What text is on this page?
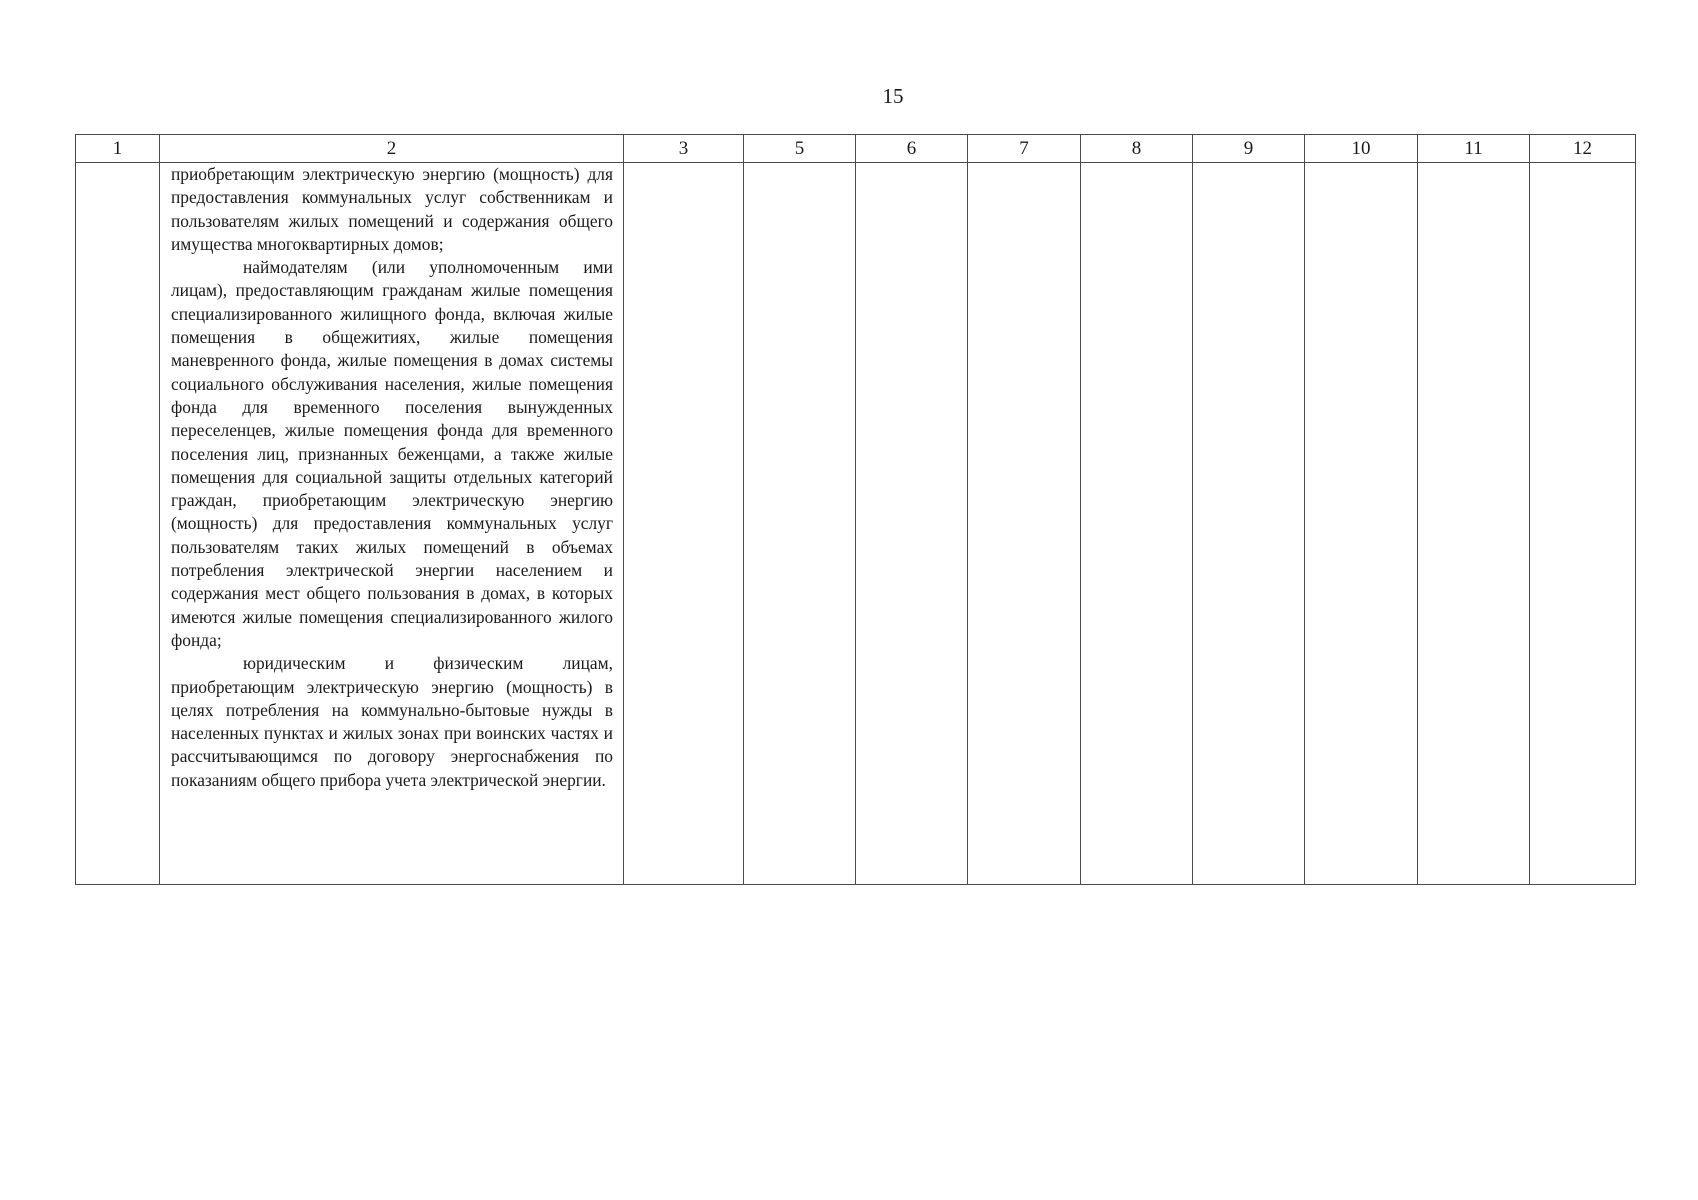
15
1	2	3	5	6	7	8	9	10	11	12

	приобретающим электрическую энергию (мощность) для предоставления коммунальных услуг собственникам и пользователям жилых помещений и содержания общего имущества многоквартирных домов;

наймодателям (или уполномоченным ими лицам), предоставляющим гражданам жилые помещения специализированного жилищного фонда, включая жилые помещения в общежитиях, жилые помещения маневренного фонда, жилые помещения в домах системы социального обслуживания населения, жилые помещения фонда для временного поселения вынужденных переселенцев, жилые помещения фонда для временного поселения лиц, признанных беженцами, а также жилые помещения для социальной защиты отдельных категорий граждан, приобретающим электрическую энергию (мощность) для предоставления коммунальных услуг пользователям таких жилых помещений в объемах потребления электрической энергии населением и содержания мест общего пользования в домах, в которых имеются жилые помещения специализированного жилого фонда;

юридическим и физическим лицам, приобретающим электрическую энергию (мощность) в целях потребления на коммунально-бытовые нужды в населенных пунктах и жилых зонах при воинских частях и рассчитывающимся по договору энергоснабжения по показаниям общего прибора учета электрической энергии.									
